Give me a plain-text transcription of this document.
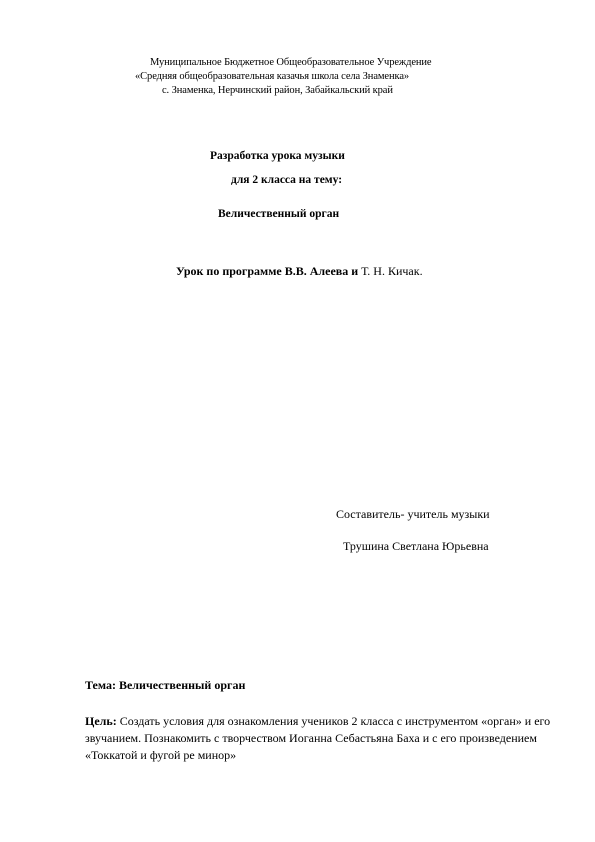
Муниципальное Бюджетное Общеобразовательное Учреждение
«Средняя общеобразовательная казачья школа села Знаменка»
с. Знаменка, Нерчинский район, Забайкальский край
Разработка урока музыки
для 2 класса на тему:
Величественный орган
Урок по программе В.В. Алеева и Т. Н. Кичак.
Составитель- учитель музыки
Трушина Светлана Юрьевна
Тема: Величественный орган
Цель: Создать условия для ознакомления учеников 2 класса с инструментом «орган» и его звучанием. Познакомить с творчеством Иоганна Себастьяна Баха и с его произведением «Токкатой и фугой ре минор»
